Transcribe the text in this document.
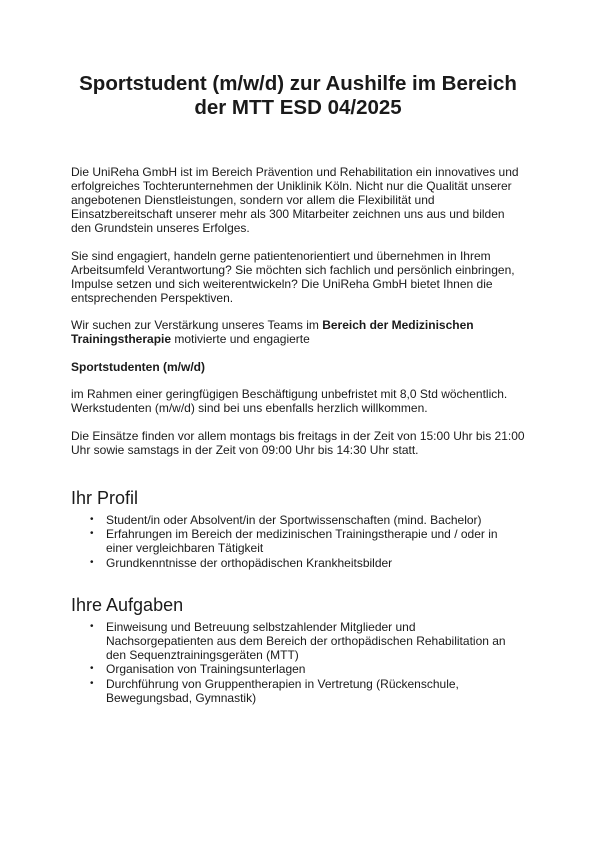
Sportstudent (m/w/d) zur Aushilfe im Bereich
der MTT ESD 04/2025

Die UniReha GmbH ist im Bereich Prävention und Rehabilitation ein innovatives und erfolgreiches Tochterunternehmen der Uniklinik Köln. Nicht nur die Qualität unserer angebotenen Dienstleistungen, sondern vor allem die Flexibilität und Einsatzbereitschaft unserer mehr als 300 Mitarbeiter zeichnen uns aus und bilden den Grundstein unseres Erfolges.

Sie sind engagiert, handeln gerne patientenorientiert und übernehmen in Ihrem Arbeitsumfeld Verantwortung? Sie möchten sich fachlich und persönlich einbringen, Impulse setzen und sich weiterentwickeln? Die UniReha GmbH bietet Ihnen die entsprechenden Perspektiven.

Wir suchen zur Verstärkung unseres Teams im Bereich der Medizinischen Trainingstherapie motivierte und engagierte

Sportstudenten (m/w/d)

im Rahmen einer geringfügigen Beschäftigung unbefristet mit 8,0 Std wöchentlich. Werkstudenten (m/w/d) sind bei uns ebenfalls herzlich willkommen.

Die Einsätze finden vor allem montags bis freitags in der Zeit von 15:00 Uhr bis 21:00 Uhr sowie samstags in der Zeit von 09:00 Uhr bis 14:30 Uhr statt.

Ihr Profil
• Student/in oder Absolvent/in der Sportwissenschaften (mind. Bachelor)
• Erfahrungen im Bereich der medizinischen Trainingstherapie und / oder in einer vergleichbaren Tätigkeit
• Grundkenntnisse der orthopädischen Krankheitsbilder
Ihre Aufgaben
• Einweisung und Betreuung selbstzahlender Mitglieder und Nachsorgepatienten aus dem Bereich der orthopädischen Rehabilitation an den Sequenztrainingsgeräten (MTT)
• Organisation von Trainingsunterlagen
• Durchführung von Gruppentherapien in Vertretung (Rückenschule, Bewegungsbad, Gymnastik)
